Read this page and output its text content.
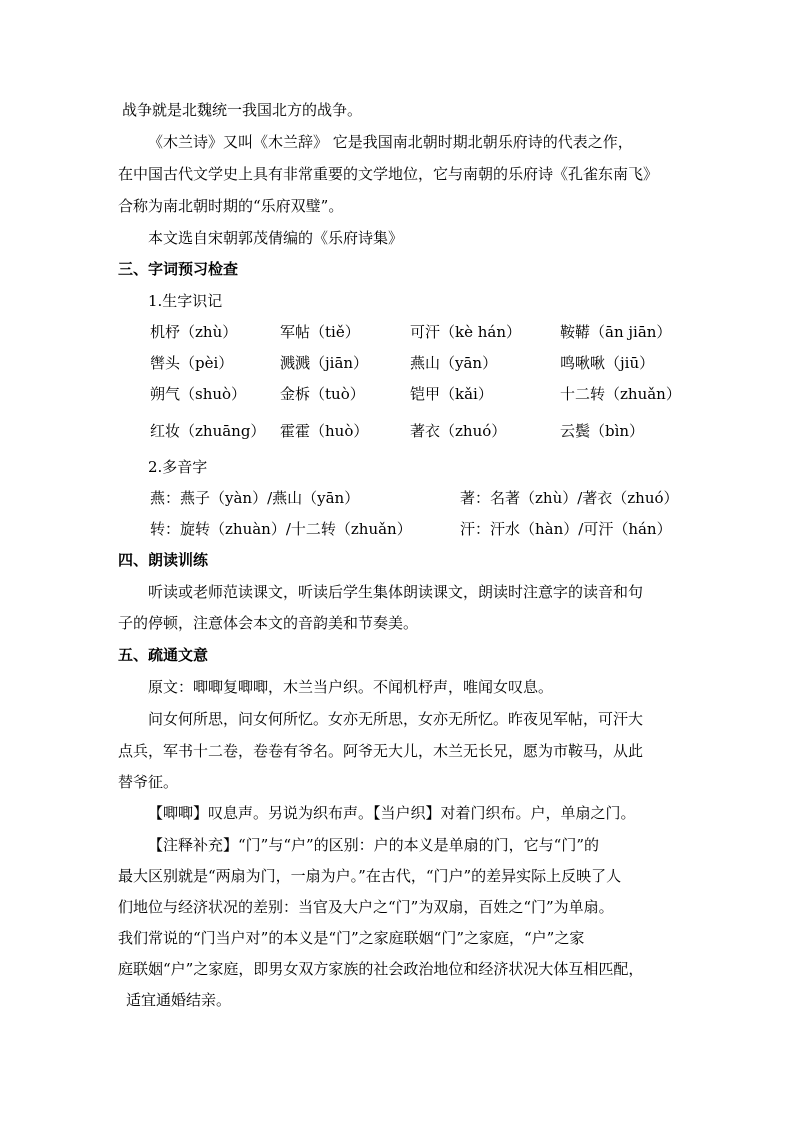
战争就是北魏统一我国北方的战争。
《木兰诗》又叫《木兰辞》 它是我国南北朝时期北朝乐府诗的代表之作，
在中国古代文学史上具有非常重要的文学地位，它与南朝的乐府诗《孔雀东南飞》
合称为南北朝时期的“乐府双璧”。
本文选自宋朝郭茂倩编的《乐府诗集》
三、字词预习检查
1.生字识记
机杼（zhù）	军帖（tiě）	可汗（kè hán）	鞍鞯（ān jiān）
辔头（pèi）	溅溅（jiān）	燕山（yān）	鸣啾啾（jiū）
朔气（shuò） 金柝（tuò）	铠甲（kǎi）	十二转（zhuǎn）
红妆（zhuāng） 霍霍（huò）	著衣（zhuó）	云鬓（bìn）
2.多音字
燕：燕子（yàn）/燕山（yān）	著：名著（zhù）/著衣（zhuó）
转：旋转（zhuàn）/十二转（zhuǎn）	汗：汗水（hàn）/可汗（hán）
四、朗读训练
听读或老师范读课文，听读后学生集体朗读课文，朗读时注意字的读音和句
子的停顿，注意体会本文的音韵美和节奏美。
五、疏通文意
原文：唧唧复唧唧，木兰当户织。不闻机杼声，唯闻女叹息。
问女何所思，问女何所忆。女亦无所思，女亦无所忆。昨夜见军帖，可汗大
点兵，军书十二卷，卷卷有爷名。阿爷无大儿，木兰无长兄，愿为市鞍马，从此
替爷征。
【唧唧】叹息声。另说为织布声。【当户织】对着门织布。户，单扇之门。
【注释补充】“门”与“户”的区别：户的本义是单扇的门，它与“门”的
最大区别就是“两扇为门，一扇为户。”在古代，“门户”的差异实际上反映了人
们地位与经济状况的差别：当官及大户之“门”为双扇，百姓之“门”为单扇。
我们常说的“门当户对”的本义是“门”之家庭联姻“门”之家庭，“户”之家
庭联姻“户”之家庭，即男女双方家族的社会政治地位和经济状况大体互相匹配，
适宜通婚结亲。
